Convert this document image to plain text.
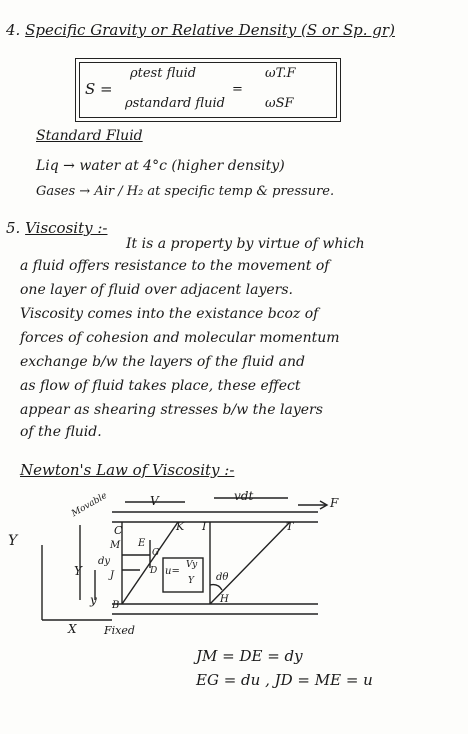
4. Specific Gravity or Relative Density (S or Sp. gr)
S =
ρtest fluid
ρstandard fluid
=
ωT.F
ωSF
Standard Fluid
Liq → water at 4°c (higher density)
Gases → Air / H₂ at specific temp & pressure.
5. Viscosity :-
It is a property by virtue of which
a fluid offers resistance to the movement of
one layer of fluid over adjacent layers.
Viscosity comes into the existance bcoz of
forces of cohesion and molecular momentum
exchange b/w the layers of the fluid and
as flow of fluid takes place, these effect
appear as shearing stresses b/w the layers
of the fluid.
Newton's Law of Viscosity :-
Movable	V	vdt	F
C	K I	T
M E
G
dy
J	D u=
Vy
Y dθ
H
B
Y
Y
y
X Fixed
JM = DE = dy
EG = du , JD = ME = u
